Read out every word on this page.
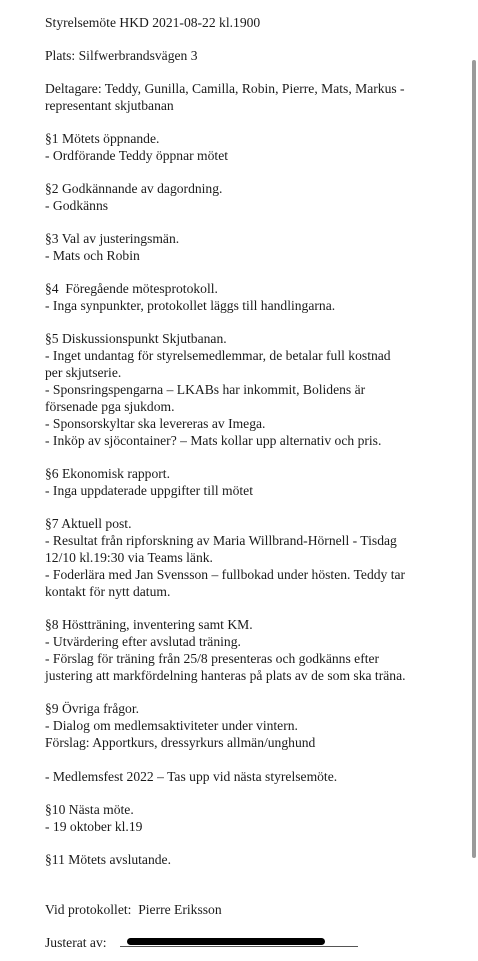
Styrelsemöte HKD 2021-08-22 kl.1900
Plats: Silfwerbrandsvägen 3
Deltagare: Teddy, Gunilla, Camilla, Robin, Pierre, Mats, Markus -
representant skjutbanan
§1 Mötets öppnande.
- Ordförande Teddy öppnar mötet
§2 Godkännande av dagordning.
- Godkänns
§3 Val av justeringsmän.
- Mats och Robin
§4  Föregående mötesprotokoll.
- Inga synpunkter, protokollet läggs till handlingarna.
§5 Diskussionspunkt Skjutbanan.
- Inget undantag för styrelsemedlemmar, de betalar full kostnad
per skjutserie.
- Sponsringspengarna – LKABs har inkommit, Bolidens är
försenade pga sjukdom.
- Sponsorskyltar ska levereras av Imega.
- Inköp av sjöcontainer? – Mats kollar upp alternativ och pris.
§6 Ekonomisk rapport.
- Inga uppdaterade uppgifter till mötet
§7 Aktuell post.
- Resultat från ripforskning av Maria Willbrand-Hörnell - Tisdag
12/10 kl.19:30 via Teams länk.
- Foderlära med Jan Svensson – fullbokad under hösten. Teddy tar
kontakt för nytt datum.
§8 Höstträning, inventering samt KM.
- Utvärdering efter avslutad träning.
- Förslag för träning från 25/8 presenteras och godkänns efter
justering att markfördelning hanteras på plats av de som ska träna.
§9 Övriga frågor.
- Dialog om medlemsaktiviteter under vintern.
Förslag: Apportkurs, dressyrkurs allmän/unghund
- Medlemsfest 2022 – Tas upp vid nästa styrelsemöte.
§10 Nästa möte.
- 19 oktober kl.19
§11 Mötets avslutande.
Vid protokollet:  Pierre Eriksson
Justerat av:
